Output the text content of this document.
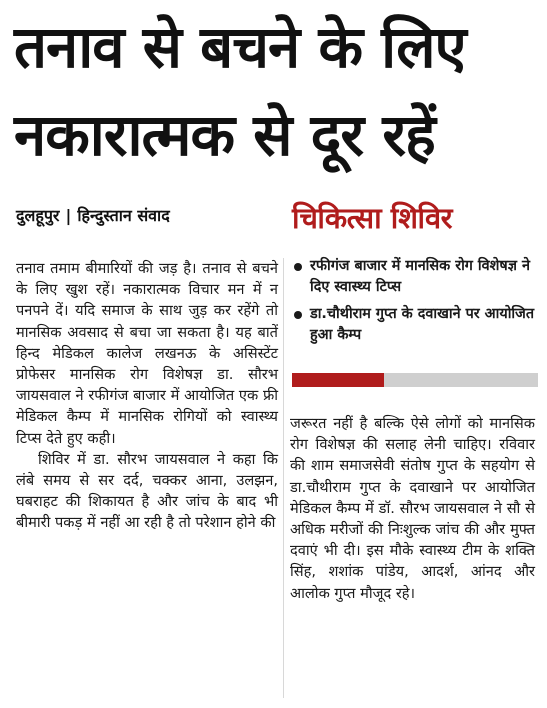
तनाव से बचने के लिए
नकारात्मक से दूर रहें
दुलहूपुर | हिन्दुस्तान संवाद	चिकित्सा शिविर
रफीगंज बाजार में मानसिक रोग विशेषज्ञ ने दिए स्वास्थ्य टिप्स
डा.चौथीराम गुप्त के दवाखाने पर आयोजित हुआ कैम्प

तनाव तमाम बीमारियों की जड़ है। तनाव से बचने के लिए खुश रहें। नकारात्मक विचार मन में न पनपने दें। यदि समाज के साथ जुड़ कर रहेंगे तो मानसिक अवसाद से बचा जा सकता है। यह बातें हिन्द मेडिकल कालेज लखनऊ के असिस्टेंट प्रोफेसर मानसिक रोग विशेषज्ञ डा. सौरभ जायसवाल ने रफीगंज बाजार में आयोजित एक फ्री मेडिकल कैम्प में मानसिक रोगियों को स्वास्थ्य टिप्स देते हुए कही।

शिविर में डा. सौरभ जायसवाल ने कहा कि लंबे समय से सर दर्द, चक्कर आना, उलझन, घबराहट की शिकायत है और जांच के बाद भी बीमारी पकड़ में नहीं आ रही है तो परेशान होने की

जरूरत नहीं है बल्कि ऐसे लोगों को मानसिक रोग विशेषज्ञ की सलाह लेनी चाहिए। रविवार की शाम समाजसेवी संतोष गुप्त के सहयोग से डा.चौथीराम गुप्त के दवाखाने पर आयोजित मेडिकल कैम्प में डॉ. सौरभ जायसवाल ने सौ से अधिक मरीजों की निःशुल्क जांच की और मुफ्त दवाएं भी दी। इस मौके स्वास्थ्य टीम के शक्ति सिंह, शशांक पांडेय, आदर्श, आंनद और आलोक गुप्त मौजूद रहे।
